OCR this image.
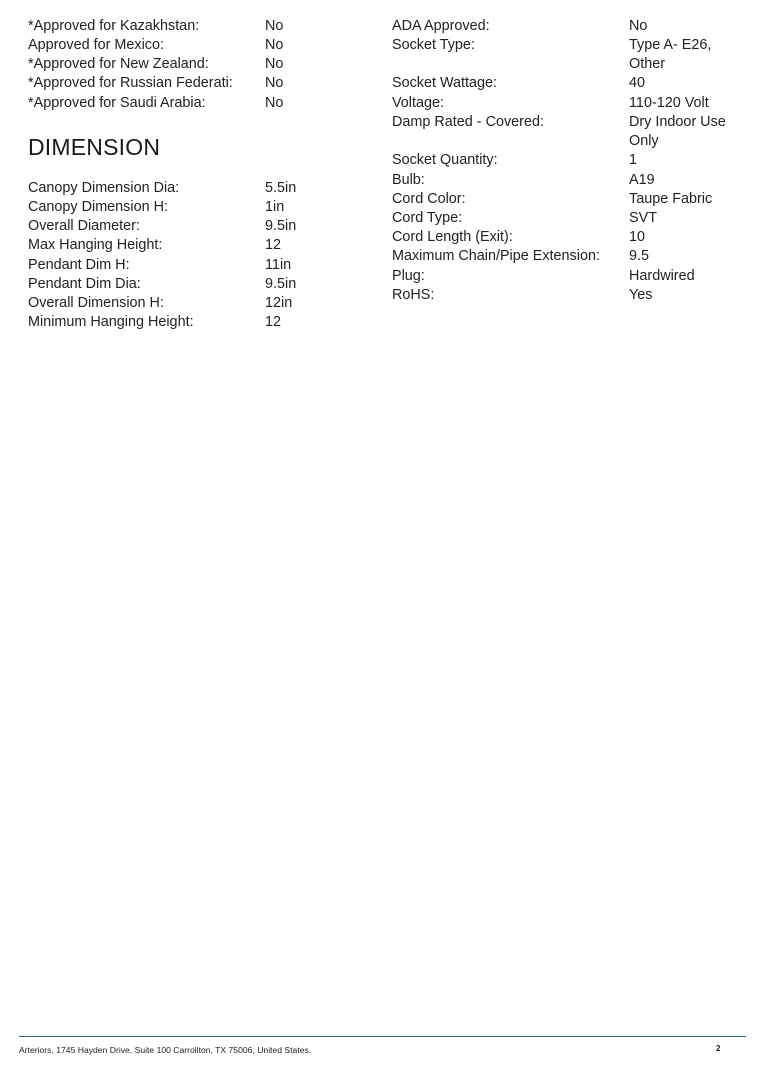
*Approved for Kazakhstan:	No
Approved for Mexico:	No
*Approved for New Zealand:	No
*Approved for Russian Federati: No
*Approved for Saudi Arabia:	No
DIMENSION
Canopy Dimension Dia:	5.5in
Canopy Dimension H:	1in
Overall Diameter:	9.5in
Max Hanging Height:	12
Pendant Dim H:	11in
Pendant Dim Dia:	9.5in
Overall Dimension H:	12in
Minimum Hanging Height:	12
ADA Approved:	No
Socket Type:	Type A- E26,
Other
Socket Wattage:	40
Voltage:	110-120 Volt
Damp Rated - Covered:	Dry Indoor Use
Only
Socket Quantity:	1
Bulb:	A19
Cord Color:	Taupe Fabric
Cord Type:	SVT
Cord Length (Exit):	10
Maximum Chain/Pipe Extension: 9.5
Plug:	Hardwired
RoHS:	Yes
Arteriors, 1745 Hayden Drive, Suite 100 Carrollton, TX 75006, United States.	2
